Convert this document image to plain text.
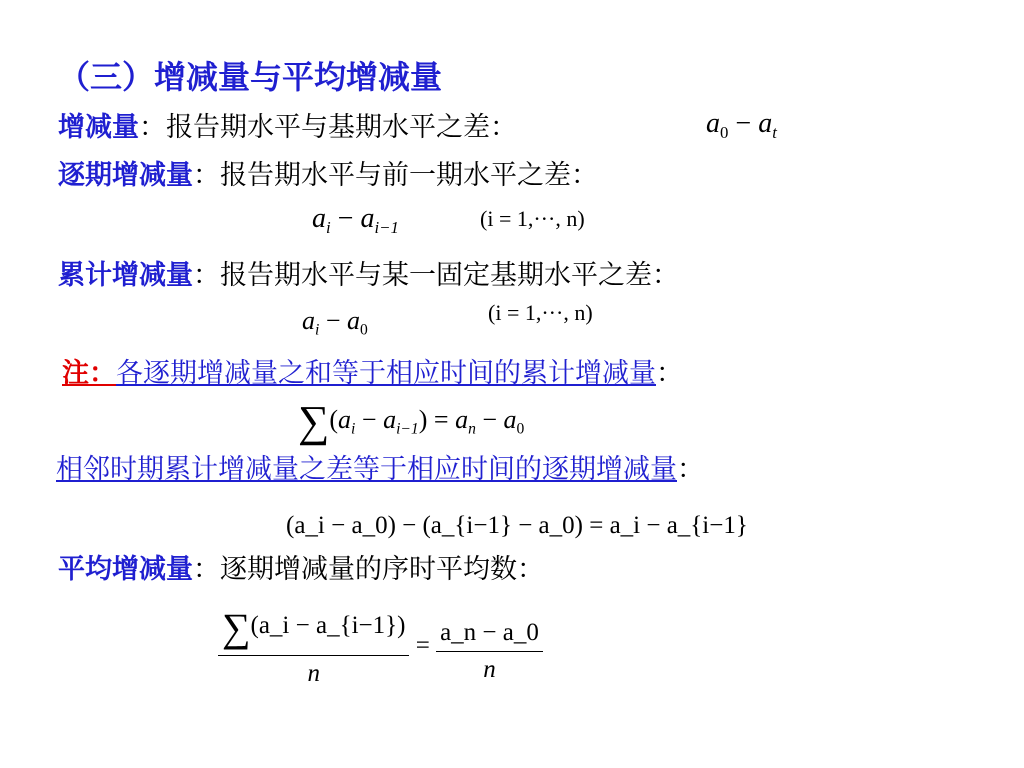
（三）增减量与平均增减量
增减量：报告期水平与基期水平之差：	$a_0 - a_t$
逐期增减量：报告期水平与前一期水平之差：
$a_i - a_{i-1}$	(i = 1,···, n)
累计增减量：报告期水平与某一固定基期水平之差：
$a_i - a_0$
(i = 1,···, n)
注：各逐期增减量之和等于相应时间的累计增减量：
$\sum(a_i - a_{i-1}) = a_n - a_0$
相邻时期累计增减量之差等于相应时间的逐期增减量：
(a_i − a_0) − (a_{i−1} − a_0) = a_i − a_{i−1}
平均增减量：逐期增减量的序时平均数：
$\frac{\sum(a\_i - a\_\{i-1\})}{n} = \frac{a\_n - a\_0}{n}$
